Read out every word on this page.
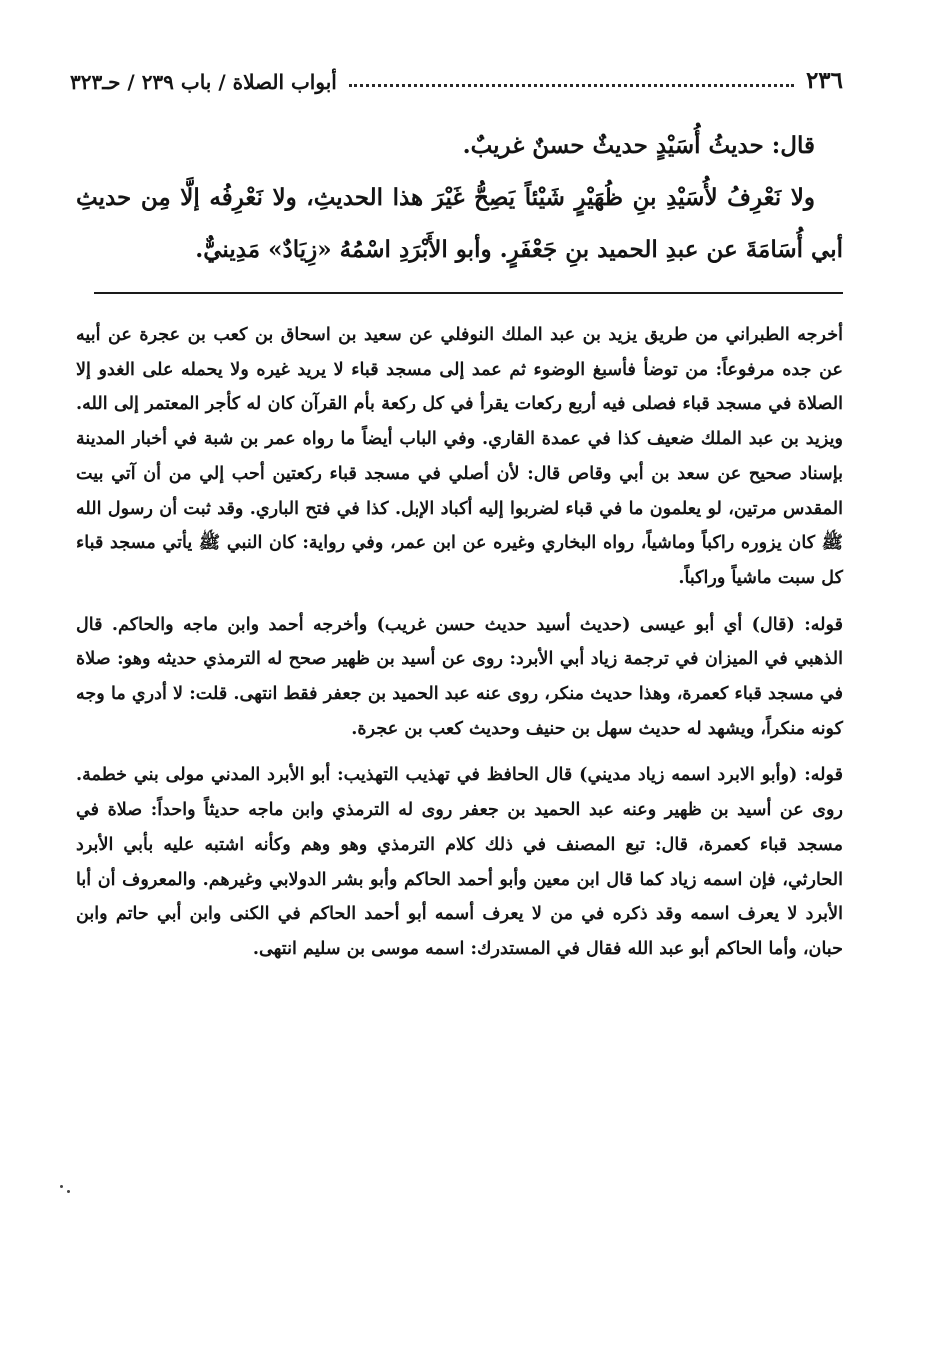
٢٣٦
أبواب الصلاة / باب ٢٣٩ / حـ٣٢٣

قال: حديثُ أُسَيْدٍ حديثٌ حسنٌ غريبٌ.

ولا نَعْرِفُ لأُسَيْدِ بنِ ظُهَيْرٍ شَيْئاً يَصِحُّ غَيْرَ هذا الحديثِ، ولا نَعْرِفُه إلَّا مِن حديثِ أبي أُسَامَةَ عن عبدِ الحميد بنِ جَعْفَرٍ. وأبو الأَبْرَدِ اسْمُهُ «زِيَادٌ» مَدِينيٌّ.

أخرجه الطبراني من طريق يزيد بن عبد الملك النوفلي عن سعيد بن اسحاق بن كعب بن عجرة عن أبيه عن جده مرفوعاً: من توضأ فأسبغ الوضوء ثم عمد إلى مسجد قباء لا يريد غيره ولا يحمله على الغدو إلا الصلاة في مسجد قباء فصلى فيه أربع ركعات يقرأ في كل ركعة بأم القرآن كان له كأجر المعتمر إلى الله. ويزيد بن عبد الملك ضعيف كذا في عمدة القاري. وفي الباب أيضاً ما رواه عمر بن شبة في أخبار المدينة بإسناد صحيح عن سعد بن أبي وقاص قال: لأن أصلي في مسجد قباء ركعتين أحب إلي من أن آتي بيت المقدس مرتين، لو يعلمون ما في قباء لضربوا إليه أكباد الإبل. كذا في فتح الباري. وقد ثبت أن رسول الله ﷺ كان يزوره راكباً وماشياً، رواه البخاري وغيره عن ابن عمر، وفي رواية: كان النبي ﷺ يأتي مسجد قباء كل سبت ماشياً وراكباً.

قوله: (قال) أي أبو عيسى (حديث أسيد حديث حسن غريب) وأخرجه أحمد وابن ماجه والحاكم. قال الذهبي في الميزان في ترجمة زياد أبي الأبرد: روى عن أسيد بن ظهير صحح له الترمذي حديثه وهو: صلاة في مسجد قباء كعمرة، وهذا حديث منكر، روى عنه عبد الحميد بن جعفر فقط انتهى. قلت: لا أدري ما وجه كونه منكراً، ويشهد له حديث سهل بن حنيف وحديث كعب بن عجرة.

قوله: (وأبو الابرد اسمه زياد مديني) قال الحافظ في تهذيب التهذيب: أبو الأبرد المدني مولى بني خطمة. روى عن أسيد بن ظهير وعنه عبد الحميد بن جعفر روى له الترمذي وابن ماجه حديثاً واحداً: صلاة في مسجد قباء كعمرة، قال: تبع المصنف في ذلك كلام الترمذي وهو وهم وكأنه اشتبه عليه بأبي الأبرد الحارثي، فإن اسمه زياد كما قال ابن معين وأبو أحمد الحاكم وأبو بشر الدولابي وغيرهم. والمعروف أن أبا الأبرد لا يعرف اسمه وقد ذكره في من لا يعرف أسمه أبو أحمد الحاكم في الكنى وابن أبي حاتم وابن حبان، وأما الحاكم أبو عبد الله فقال في المستدرك: اسمه موسى بن سليم انتهى.
